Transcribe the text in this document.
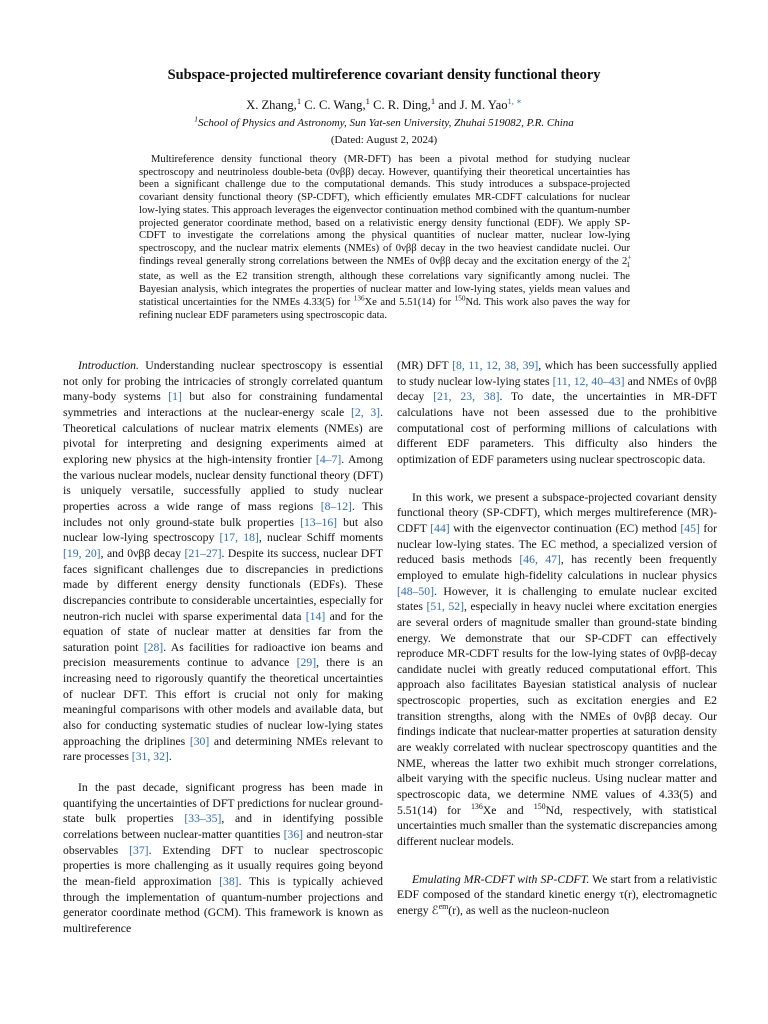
Subspace-projected multireference covariant density functional theory
X. Zhang,$^1$ C. C. Wang,$^1$ C. R. Ding,$^1$ and J. M. Yao$^{1, ∗}$
$^1$School of Physics and Astronomy, Sun Yat-sen University, Zhuhai 519082, P.R. China
(Dated: August 2, 2024)

Multireference density functional theory (MR-DFT) has been a pivotal method for studying nuclear spectroscopy and neutrinoless double-beta (0νββ) decay. However, quantifying their theoretical uncertainties has been a significant challenge due to the computational demands. This study introduces a subspace-projected covariant density functional theory (SP-CDFT), which efficiently emulates MR-CDFT calculations for nuclear low-lying states. This approach leverages the eigenvector continuation method combined with the quantum-number projected generator coordinate method, based on a relativistic energy density functional (EDF). We apply SP-CDFT to investigate the correlations among the physical quantities of nuclear matter, nuclear low-lying spectroscopy, and the nuclear matrix elements (NMEs) of 0νββ decay in the two heaviest candidate nuclei. Our findings reveal generally strong correlations between the NMEs of 0νββ decay and the excitation energy of the $2^+_1$ state, as well as the E2 transition strength, although these correlations vary significantly among nuclei. The Bayesian analysis, which integrates the properties of nuclear matter and low-lying states, yields mean values and statistical uncertainties for the NMEs 4.33(5) for $^{136}$Xe and 5.51(14) for $^{150}$Nd. This work also paves the way for refining nuclear EDF parameters using spectroscopic data.

Introduction. Understanding nuclear spectroscopy is essential not only for probing the intricacies of strongly correlated quantum many-body systems [1] but also for constraining fundamental symmetries and interactions at the nuclear-energy scale [2, 3]. Theoretical calculations of nuclear matrix elements (NMEs) are pivotal for interpreting and designing experiments aimed at exploring new physics at the high-intensity frontier [4–7]. Among the various nuclear models, nuclear density functional theory (DFT) is uniquely versatile, successfully applied to study nuclear properties across a wide range of mass regions [8–12]. This includes not only ground-state bulk properties [13–16] but also nuclear low-lying spectroscopy [17, 18], nuclear Schiff moments [19, 20], and 0νββ decay [21–27]. Despite its success, nuclear DFT faces significant challenges due to discrepancies in predictions made by different energy density functionals (EDFs). These discrepancies contribute to considerable uncertainties, especially for neutron-rich nuclei with sparse experimental data [14] and for the equation of state of nuclear matter at densities far from the saturation point [28]. As facilities for radioactive ion beams and precision measurements continue to advance [29], there is an increasing need to rigorously quantify the theoretical uncertainties of nuclear DFT. This effort is crucial not only for making meaningful comparisons with other models and available data, but also for conducting systematic studies of nuclear low-lying states approaching the driplines [30] and determining NMEs relevant to rare processes [31, 32].

In the past decade, significant progress has been made in quantifying the uncertainties of DFT predictions for nuclear ground-state bulk properties [33–35], and in identifying possible correlations between nuclear-matter quantities [36] and neutron-star observables [37]. Extending DFT to nuclear spectroscopic properties is more challenging as it usually requires going beyond the mean-field approximation [38]. This is typically achieved through the implementation of quantum-number projections and generator coordinate method (GCM). This framework is known as multireference

(MR) DFT [8, 11, 12, 38, 39], which has been successfully applied to study nuclear low-lying states [11, 12, 40–43] and NMEs of 0νββ decay [21, 23, 38]. To date, the uncertainties in MR-DFT calculations have not been assessed due to the prohibitive computational cost of performing millions of calculations with different EDF parameters. This difficulty also hinders the optimization of EDF parameters using nuclear spectroscopic data.

In this work, we present a subspace-projected covariant density functional theory (SP-CDFT), which merges multireference (MR)-CDFT [44] with the eigenvector continuation (EC) method [45] for nuclear low-lying states. The EC method, a specialized version of reduced basis methods [46, 47], has recently been frequently employed to emulate high-fidelity calculations in nuclear physics [48–50]. However, it is challenging to emulate nuclear excited states [51, 52], especially in heavy nuclei where excitation energies are several orders of magnitude smaller than ground-state binding energy. We demonstrate that our SP-CDFT can effectively reproduce MR-CDFT results for the low-lying states of 0νββ-decay candidate nuclei with greatly reduced computational effort. This approach also facilitates Bayesian statistical analysis of nuclear spectroscopic properties, such as excitation energies and E2 transition strengths, along with the NMEs of 0νββ decay. Our findings indicate that nuclear-matter properties at saturation density are weakly correlated with nuclear spectroscopy quantities and the NME, whereas the latter two exhibit much stronger correlations, albeit varying with the specific nucleus. Using nuclear matter and spectroscopic data, we determine NME values of 4.33(5) and 5.51(14) for $^{136}$Xe and $^{150}$Nd, respectively, with statistical uncertainties much smaller than the systematic discrepancies among different nuclear models.

Emulating MR-CDFT with SP-CDFT. We start from a relativistic EDF composed of the standard kinetic energy τ(r), electromagnetic energy ℰ$^{em}$(r), as well as the nucleon-nucleon
